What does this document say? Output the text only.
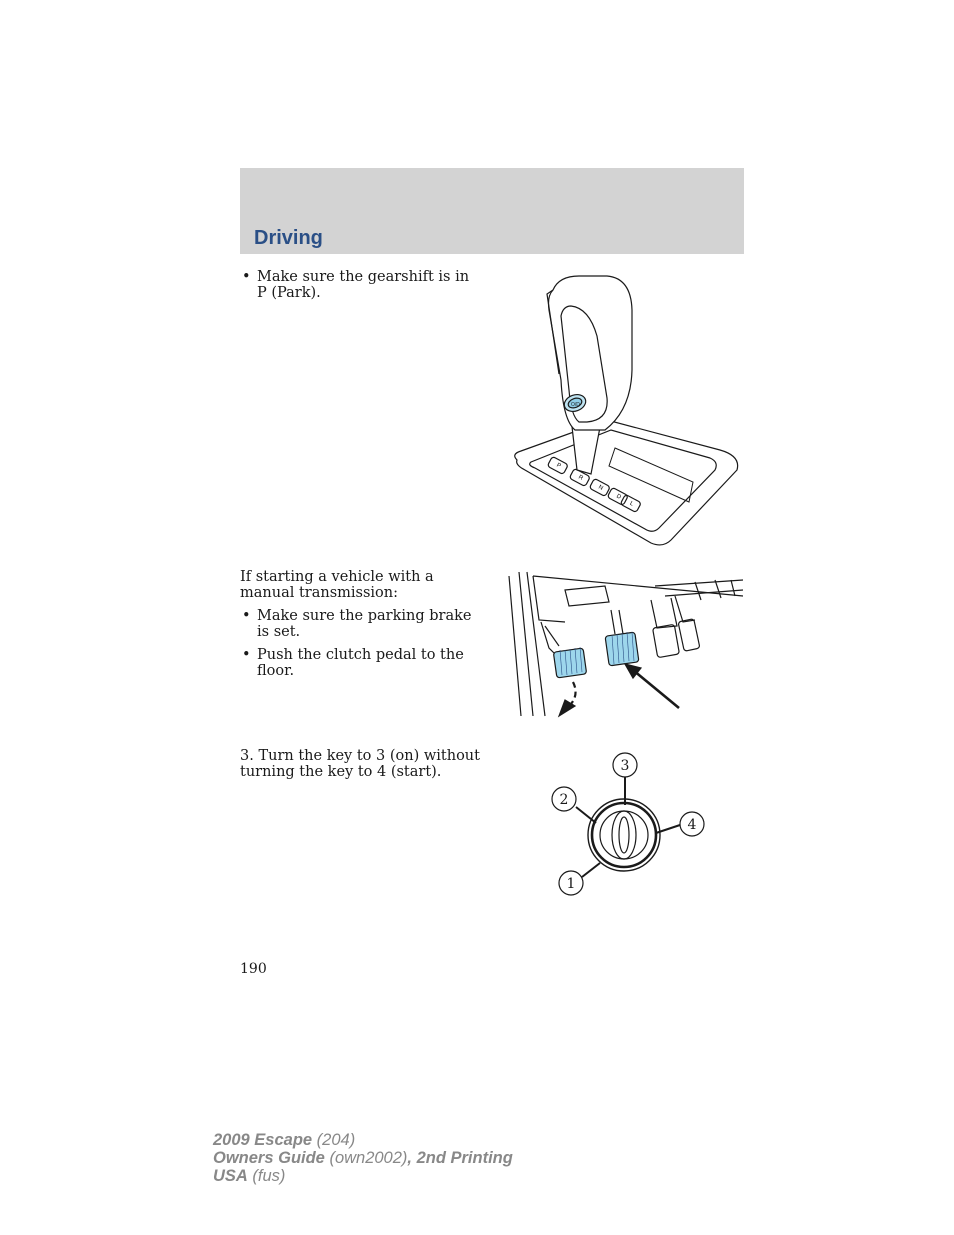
Driving
• Make sure the gearshift is in P (Park).
O/D
P
R
N
D
L

If starting a vehicle with a manual transmission:

• Make sure the parking brake is set.
• Push the clutch pedal to the floor.

3. Turn the key to 3 (on) without turning the key to 4 (start).	3
2
4
1
190
2009 Escape (204)
Owners Guide (own2002), 2nd Printing
USA (fus)
